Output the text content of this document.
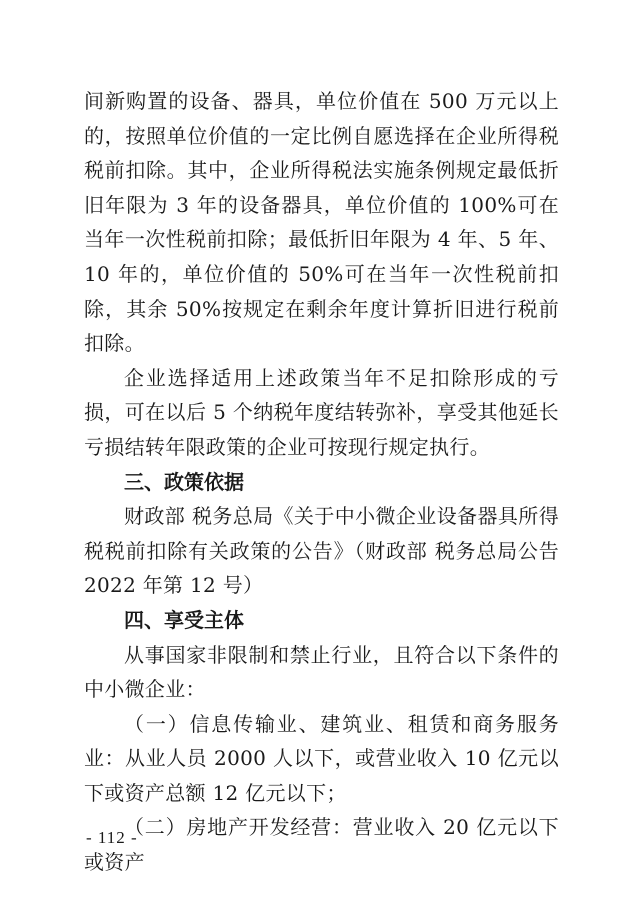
间新购置的设备、器具，单位价值在 500 万元以上的，按照单位价值的一定比例自愿选择在企业所得税税前扣除。其中，企业所得税法实施条例规定最低折旧年限为 3 年的设备器具，单位价值的 100%可在当年一次性税前扣除；最低折旧年限为 4 年、5 年、10 年的，单位价值的 50%可在当年一次性税前扣除，其余 50%按规定在剩余年度计算折旧进行税前扣除。

企业选择适用上述政策当年不足扣除形成的亏损，可在以后 5 个纳税年度结转弥补，享受其他延长亏损结转年限政策的企业可按现行规定执行。

三、政策依据

财政部 税务总局《关于中小微企业设备器具所得税税前扣除有关政策的公告》（财政部 税务总局公告 2022 年第 12 号）

四、享受主体

从事国家非限制和禁止行业，且符合以下条件的中小微企业：

（一）信息传输业、建筑业、租赁和商务服务业：从业人员 2000 人以下，或营业收入 10 亿元以下或资产总额 12 亿元以下；

（二）房地产开发经营：营业收入 20 亿元以下或资产

- 112 -
